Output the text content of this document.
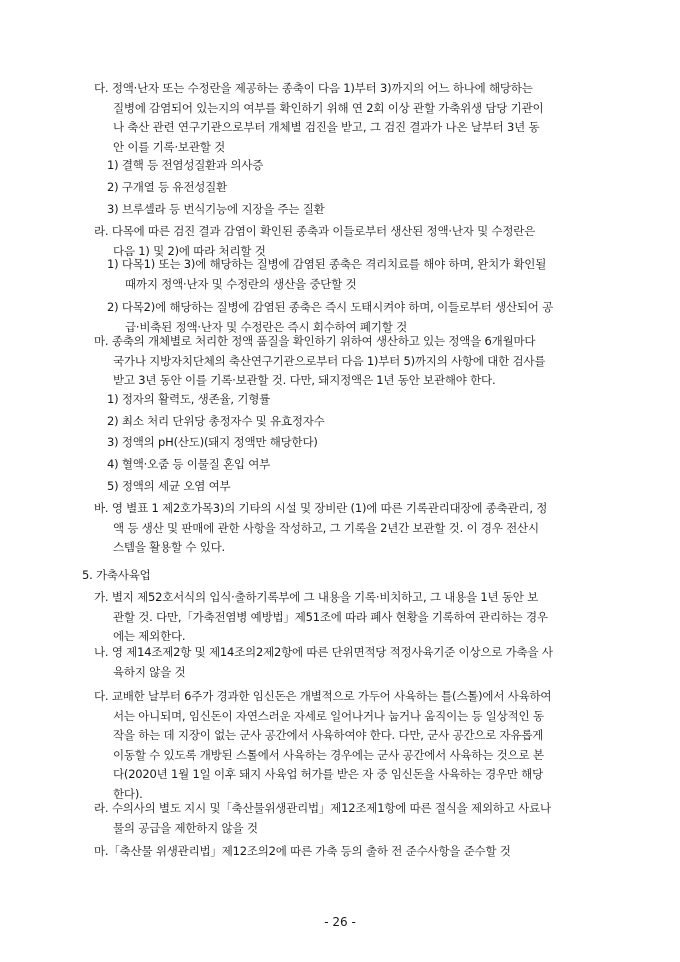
다. 정액·난자 또는 수정란을 제공하는 종축이 다음 1)부터 3)까지의 어느 하나에 해당하는
질병에 감염되어 있는지의 여부를 확인하기 위해 연 2회 이상 관할 가축위생 담당 기관이
나 축산 관련 연구기관으로부터 개체별 검진을 받고, 그 검진 결과가 나온 날부터 3년 동
안 이를 기록·보관할 것
1) 결핵 등 전염성질환과 의사증
2) 구개열 등 유전성질환
3) 브루셀라 등 번식기능에 지장을 주는 질환
라. 다목에 따른 검진 결과 감염이 확인된 종축과 이들로부터 생산된 정액·난자 및 수정란은
다음 1) 및 2)에 따라 처리할 것
1) 다목1) 또는 3)에 해당하는 질병에 감염된 종축은 격리치료를 해야 하며, 완치가 확인될
때까지 정액·난자 및 수정란의 생산을 중단할 것
2) 다목2)에 해당하는 질병에 감염된 종축은 즉시 도태시켜야 하며, 이들로부터 생산되어 공
급·비축된 정액·난자 및 수정란은 즉시 회수하여 폐기할 것
마. 종축의 개체별로 처리한 정액 품질을 확인하기 위하여 생산하고 있는 정액을 6개월마다
국가나 지방자치단체의 축산연구기관으로부터 다음 1)부터 5)까지의 사항에 대한 검사를
받고 3년 동안 이를 기록·보관할 것. 다만, 돼지정액은 1년 동안 보관해야 한다.
1) 정자의 활력도, 생존율, 기형률
2) 최소 처리 단위당 총정자수 및 유효정자수
3) 정액의 pH(산도)(돼지 정액만 해당한다)
4) 혈액·오줌 등 이물질 혼입 여부
5) 정액의 세균 오염 여부
바. 영 별표 1 제2호가목3)의 기타의 시설 및 장비란 (1)에 따른 기록관리대장에 종축관리, 정
액 등 생산 및 판매에 관한 사항을 작성하고, 그 기록을 2년간 보관할 것. 이 경우 전산시
스템을 활용할 수 있다.
5. 가축사육업
가. 별지 제52호서식의 입식·출하기록부에 그 내용을 기록·비치하고, 그 내용을 1년 동안 보
관할 것. 다만,「가축전염병 예방법」제51조에 따라 폐사 현황을 기록하여 관리하는 경우
에는 제외한다.
나. 영 제14조제2항 및 제14조의2제2항에 따른 단위면적당 적정사육기준 이상으로 가축을 사
육하지 않을 것
다. 교배한 날부터 6주가 경과한 임신돈은 개별적으로 가두어 사육하는 틀(스톨)에서 사육하여
서는 아니되며, 임신돈이 자연스러운 자세로 일어나거나 눕거나 움직이는 등 일상적인 동
작을 하는 데 지장이 없는 군사 공간에서 사육하여야 한다. 다만, 군사 공간으로 자유롭게
이동할 수 있도록 개방된 스톨에서 사육하는 경우에는 군사 공간에서 사육하는 것으로 본
다(2020년 1월 1일 이후 돼지 사육업 허가를 받은 자 중 임신돈을 사육하는 경우만 해당
한다).
라. 수의사의 별도 지시 및「축산물위생관리법」제12조제1항에 따른 절식을 제외하고 사료나
물의 공급을 제한하지 않을 것
마.「축산물 위생관리법」제12조의2에 따른 가축 등의 출하 전 준수사항을 준수할 것
- 26 -
